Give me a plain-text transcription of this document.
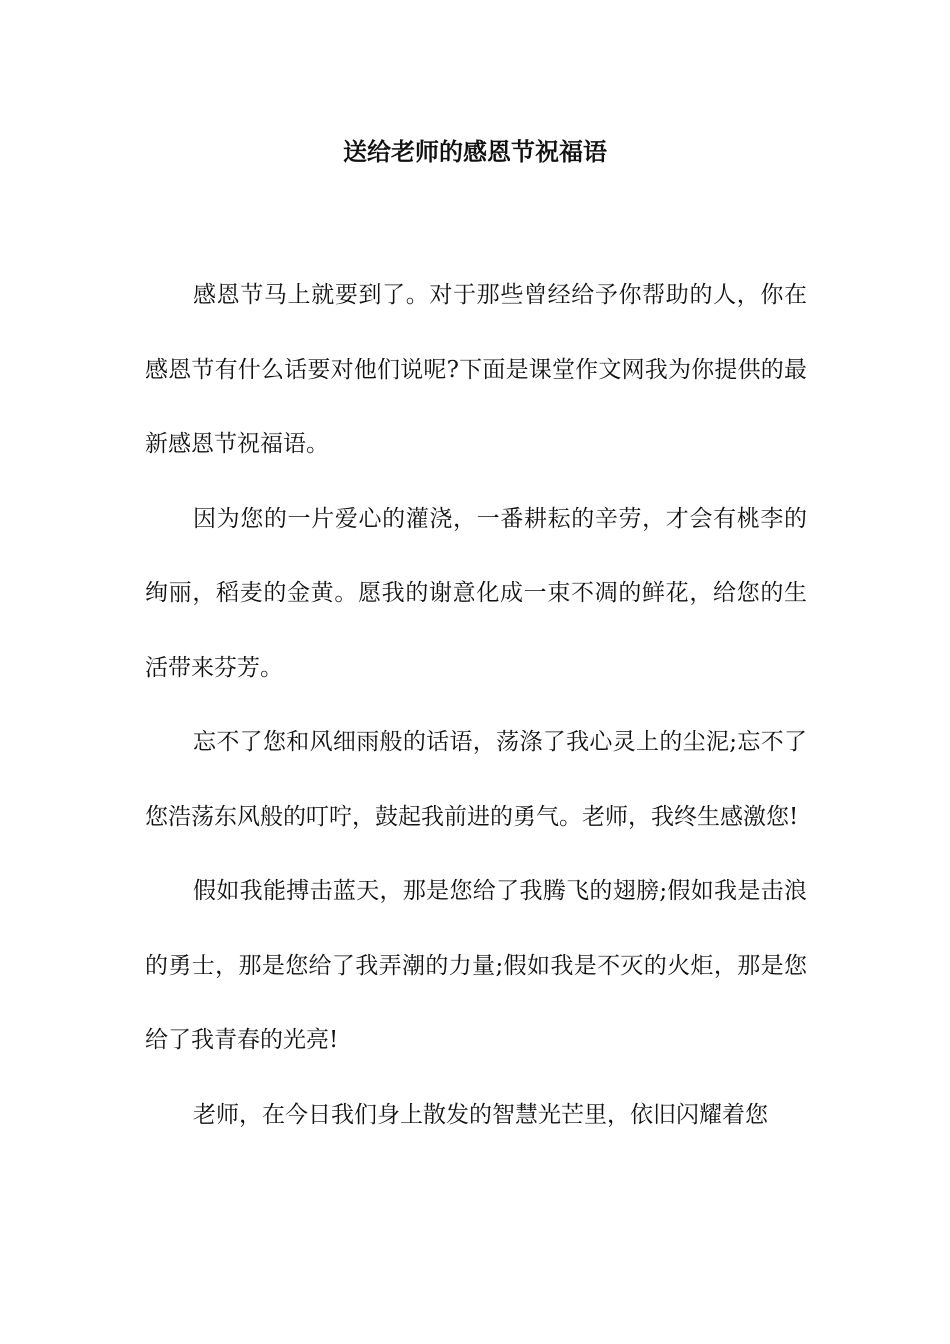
送给老师的感恩节祝福语

感恩节马上就要到了。对于那些曾经给予你帮助的人，你在感恩节有什么话要对他们说呢?下面是课堂作文网我为你提供的最新感恩节祝福语。

因为您的一片爱心的灌浇，一番耕耘的辛劳，才会有桃李的绚丽，稻麦的金黄。愿我的谢意化成一束不凋的鲜花，给您的生活带来芬芳。

忘不了您和风细雨般的话语，荡涤了我心灵上的尘泥;忘不了您浩荡东风般的叮咛，鼓起我前进的勇气。老师，我终生感激您!

假如我能搏击蓝天，那是您给了我腾飞的翅膀;假如我是击浪的勇士，那是您给了我弄潮的力量;假如我是不灭的火炬，那是您给了我青春的光亮!

老师，在今日我们身上散发的智慧光芒里，依旧闪耀着您
